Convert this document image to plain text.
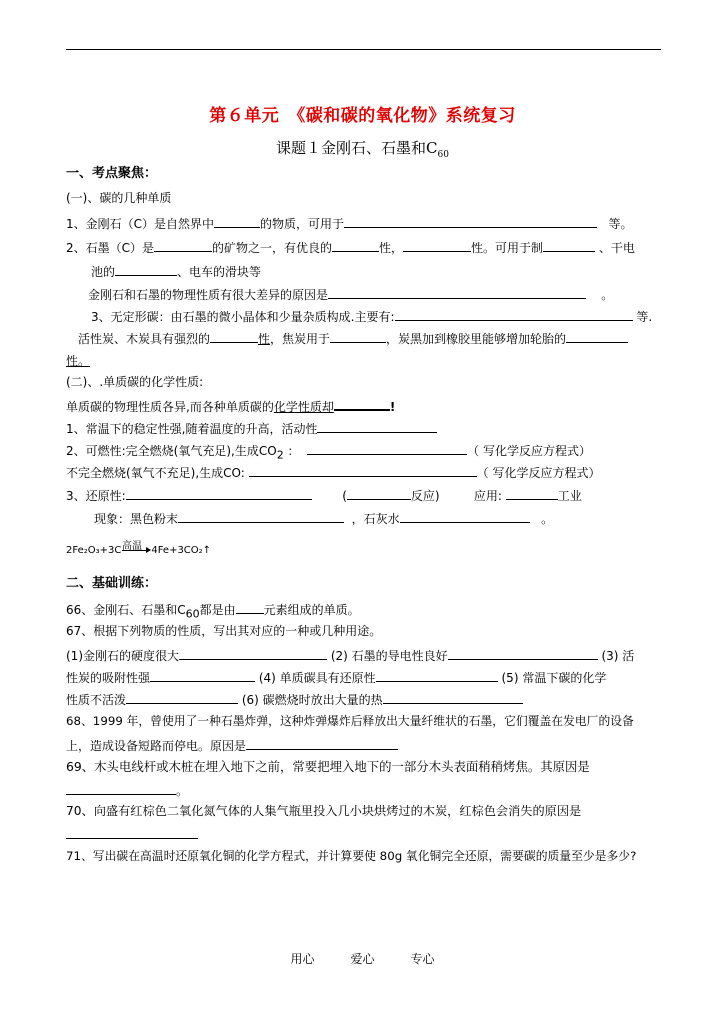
第６单元　《碳和碳的氧化物》系统复习
课题１金刚石、石墨和$C_{60}$
一、考点聚焦：
(一)、碳的几种单质
1、金刚石（C）是自然界中	的物质，可用于	等。
2、石墨（C）是	的矿物之一，有优良的	性，	性。可用于制	、干电
池的	、电车的滑块等
金刚石和石墨的物理性质有很大差异的原因是	。
3、无定形碳：由石墨的微小晶体和少量杂质构成.主要有:	等.
活性炭、木炭具有强烈的	性，焦炭用于	，炭黑加到橡胶里能够增加轮胎的
性。
(二)、.单质碳的化学性质:
单质碳的物理性质各异,而各种单质碳的化学性质却	!
1、常温下的稳定性强,随着温度的升高，活动性
2、可燃性:完全燃烧(氧气充足),生成$CO_2$ ：	（ 写化学反应方程式）
不完全燃烧(氧气不充足),生成CO:	（ 写化学反应方程式）
3、还原性:	(	反应)	应用:	工业
现象：黑色粉末	，石灰水	。
2Fe₂O₃+3C 高温 4Fe+3CO₂↑
二、基础训练：
66、金刚石、石墨和$C_{60}$都是由 元素组成的单质。
67、根据下列物质的性质，写出其对应的一种或几种用途。
(1)金刚石的硬度很大	(2) 石墨的导电性良好	(3) 活
性炭的吸附性强	(4) 单质碳具有还原性	(5) 常温下碳的化学
性质不活泼	(6) 碳燃烧时放出大量的热
68、1999 年，曾使用了一种石墨炸弹，这种炸弹爆炸后释放出大量纤维状的石墨，它们覆盖在发电厂的设备
上，造成设备短路而停电。原因是
69、木头电线杆或木桩在埋入地下之前，常要把埋入地下的一部分木头表面稍稍烤焦。其原因是
。
70、向盛有红棕色二氧化氮气体的人集气瓶里投入几小块烘烤过的木炭，红棕色会消失的原因是
71、写出碳在高温时还原氧化铜的化学方程式，并计算要使 80g 氧化铜完全还原，需要碳的质量至少是多少?
用心	爱心	专心
